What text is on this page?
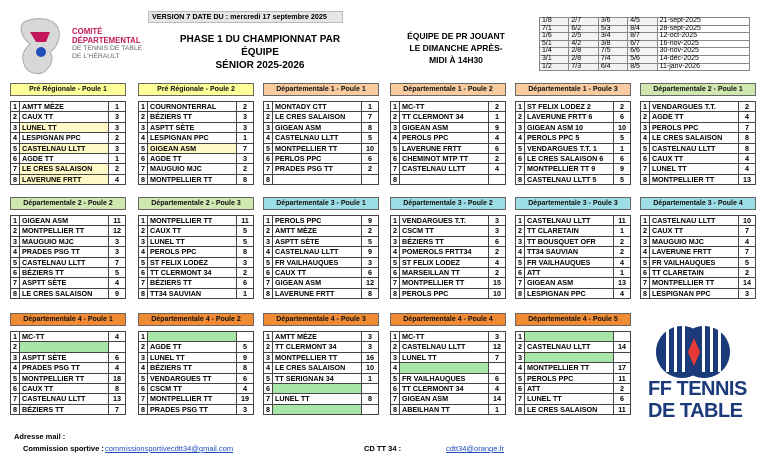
VERSION 7 DATE DU : mercredi 17 septembre 2025
COMITÉ
DÉPARTEMENTAL
DE TENNIS DE TABLE
DE L'HÉRAULT
PHASE 1 DU CHAMPIONNAT PAR ÉQUIPE
SÉNIOR 2025-2026
ÉQUIPE DE PR JOUANT
LE DIMANCHE APRÈS-
MIDI À 14H30
1/8	2/7	3/6	4/5	21-sept-2025
7/1	6/2	5/3	8/4	28-sept-2025
1/6	2/5	3/4	8/7	12-oct-2025
5/1	4/2	3/8	6/7	16-nov-2025
1/4	2/8	7/5	6/6	30-nov-2025
3/1	2/8	7/4	5/6	14-déc-2025
1/2	7/3	6/4	8/5	11-janv-2026
Pré Régionale - Poule 1
1	AMTT MÈZE	1
2	CAUX TT	3
3	LUNEL TT	3
4	LESPIGNAN PPC	2
5	CASTELNAU LLTT	3
6	AGDE TT	1
7	LE CRES SALAISON	2
8	LAVERUNE FRTT	4
Pré Régionale - Poule 2
1	COURNONTERRAL	2
2	BÉZIERS TT	3
3	ASPTT SÈTE	3
4	LESPIGNAN PPC	1
5	GIGEAN ASM	7
6	AGDE TT	3
7	MAUGUIO MJC	2
8	MONTPELLIER TT	8
Départementale 1 - Poule 1
1	MONTADY CTT	1
2	LE CRES SALAISON	7
3	GIGEAN ASM	8
4	CASTELNAU LLTT	5
5	MONTPELLIER TT	10
6	PERLOS PPC	6
7	PRADES PSG TT	2
8		
Départementale 1 - Poule 2
1	MC-TT	2
2	TT CLERMONT 34	1
3	GIGEAN ASM	9
4	PEROLS PPC	4
5	LAVERUNE FRTT	6
6	CHEMINOT MTP TT	2
7	CASTELNAU LLTT	4
8		
Départementale 1 - Poule 3
1	ST FELIX LODEZ 2	2
2	LAVERUNE FRTT 6	6
3	GIGEAN ASM 10	10
4	PEROLS PPC 5	5
5	VENDARGUES T.T. 1	1
6	LE CRES SALAISON 6	6
7	MONTPELLIER TT 9	9
8	CASTELNAU LLTT 5	5
Départementale 2 - Poule 1
1	VENDARGUES T.T.	2
2	AGDE TT	4
3	PEROLS PPC	7
4	LE CRES SALAISON	8
5	CASTELNAU LLTT	8
6	CAUX TT	4
7	LUNEL TT	4
8	MONTPELLIER TT	13
Départementale 2 - Poule 2
1	GIGEAN ASM	11
2	MONTPELLIER TT	12
3	MAUGUIO MJC	3
4	PRADES PSG TT	3
5	CASTELNAU LLTT	7
6	BÉZIERS TT	5
7	ASPTT SÈTE	4
8	LE CRES SALAISON	9
Départementale 2 - Poule 3
1	MONTPELLIER TT	11
2	CAUX TT	5
3	LUNEL TT	5
4	PEROLS PPC	8
5	ST FELIX LODEZ	3
6	TT CLERMONT 34	2
7	BÉZIERS TT	6
8	TT34 SAUVIAN	1
Départementale 3 - Poule 1
1	PEROLS PPC	9
2	AMTT MÈZE	2
3	ASPTT SÈTE	5
4	CASTELNAU LLTT	9
5	FR VAILHAUQUES	3
6	CAUX TT	6
7	GIGEAN ASM	12
8	LAVERUNE FRTT	8
Départementale 3 - Poule 2
1	VENDARGUES T.T.	3
2	CSCM TT	3
3	BÉZIERS TT	6
4	POMEROLS FRTT34	2
5	ST FELIX LODEZ	4
6	MARSEILLAN TT	2
7	MONTPELLIER TT	15
8	PEROLS PPC	10
Départementale 3 - Poule 3
1	CASTELNAU LLTT	11
2	TT CLARETAIN	1
3	TT BOUSQUET OFR	2
4	TT34 SAUVIAN	2
5	FR VAILHAUQUES	4
6	ATT	1
7	GIGEAN ASM	13
8	LESPIGNAN PPC	4
Départementale 3 - Poule 4
1	CASTELNAU LLTT	10
2	CAUX TT	7
3	MAUGUIO MJC	4
4	LAVERUNE FRTT	7
5	FR VAILHAUQUES	5
6	TT CLARETAIN	2
7	MONTPELLIER TT	14
8	LESPIGNAN PPC	3
Départementale 4 - Poule 1
1	MC-TT	4
2		
3	ASPTT SÈTE	6
4	PRADES PSG TT	4
5	MONTPELLIER TT	18
6	CAUX TT	8
7	CASTELNAU LLTT	13
8	BÉZIERS TT	7
Départementale 4 - Poule 2
1		
2	AGDE TT	5
3	LUNEL TT	9
4	BÉZIERS TT	8
5	VENDARGUES TT	6
6	CSCM TT	4
7	MONTPELLIER TT	19
8	PRADES PSG TT	3
Départementale 4 - Poule 3
1	AMTT MÈZE	3
2	TT CLERMONT 34	3
3	MONTPELLIER TT	16
4	LE CRES SALAISON	10
5	TT SERIGNAN 34	1
6		
7	LUNEL TT	8
8		
Départementale 4 - Poule 4
1	MC-TT	3
2	CASTELNAU LLTT	12
3	LUNEL TT	7
4		
5	FR VAILHAUQUES	6
6	TT CLERMONT 34	4
7	GIGEAN ASM	14
8	ABEILHAN TT	1
Départementale 4 - Poule 5
1		
2	CASTELNAU LLTT	14
3		
4	MONTPELLIER TT	17
5	PEROLS PPC	11
6	ATT	2
7	LUNEL TT	6
8	LE CRES SALAISON	11
FF TENNIS
DE TABLE
Adresse mail :
Commission sportive : commissionsportivecdtt34@gmail.com	CD TT 34 :	cdtt34@orange.fr
